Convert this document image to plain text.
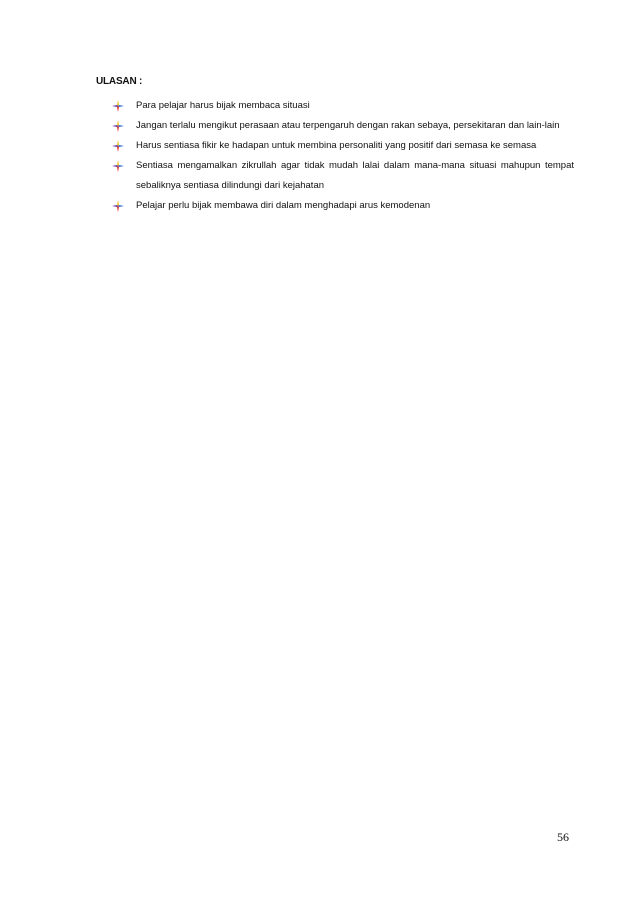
ULASAN :
Para pelajar harus bijak membaca situasi
Jangan terlalu mengikut perasaan atau terpengaruh dengan rakan sebaya, persekitaran dan lain-lain
Harus sentiasa fikir ke hadapan untuk membina personaliti yang positif dari semasa ke semasa
Sentiasa mengamalkan zikrullah agar tidak mudah lalai dalam mana-mana situasi mahupun tempat sebaliknya sentiasa dilindungi dari kejahatan
Pelajar perlu bijak membawa diri dalam menghadapi arus kemodenan
56
